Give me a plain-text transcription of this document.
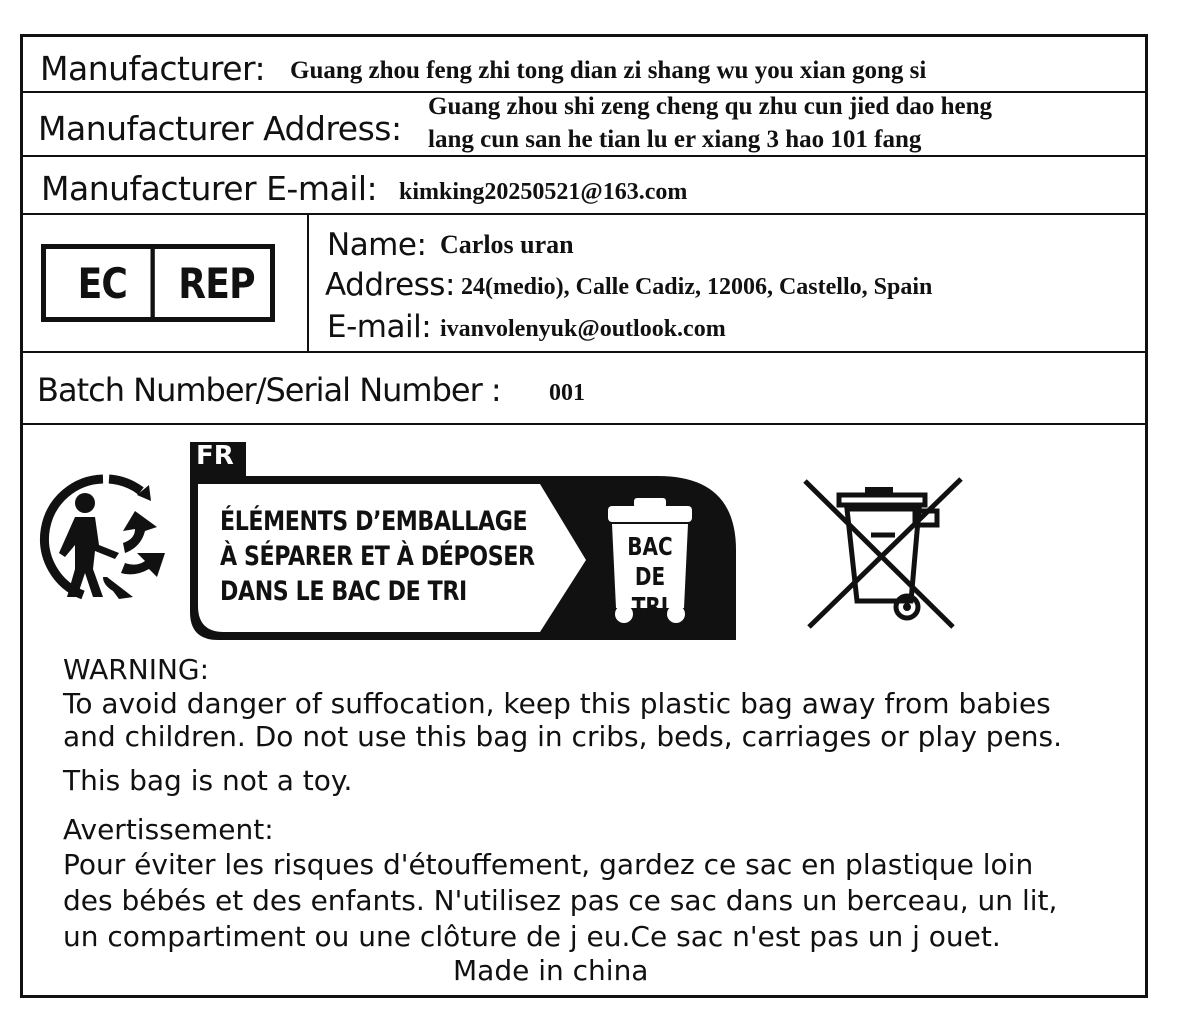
Manufacturer: Guang zhou feng zhi tong dian zi shang wu you xian gong si
Manufacturer Address:
Guang zhou shi zeng cheng qu zhu cun jied dao heng
lang cun san he tian lu er xiang 3 hao 101 fang
Manufacturer E-mail: kimking20250521@163.com
EC	REP
Name: Carlos uran
Address: 24(medio), Calle Cadiz, 12006, Castello, Spain
E-mail: ivanvolenyuk@outlook.com
Batch Number/Serial Number : 001
FR
ÉLÉMENTS D’EMBALLAGE
À SÉPARER ET À DÉPOSER
DANS LE BAC DE TRI
BAC
DE
TRI
WARNING:
To avoid danger of suffocation, keep this plastic bag away from babies
and children. Do not use this bag in cribs, beds, carriages or play pens.
This bag is not a toy.
Avertissement:
Pour éviter les risques d'étouffement, gardez ce sac en plastique loin
des bébés et des enfants. N'utilisez pas ce sac dans un berceau, un lit,
un compartiment ou une clôture de j eu.Ce sac n'est pas un j ouet.
Made in china
